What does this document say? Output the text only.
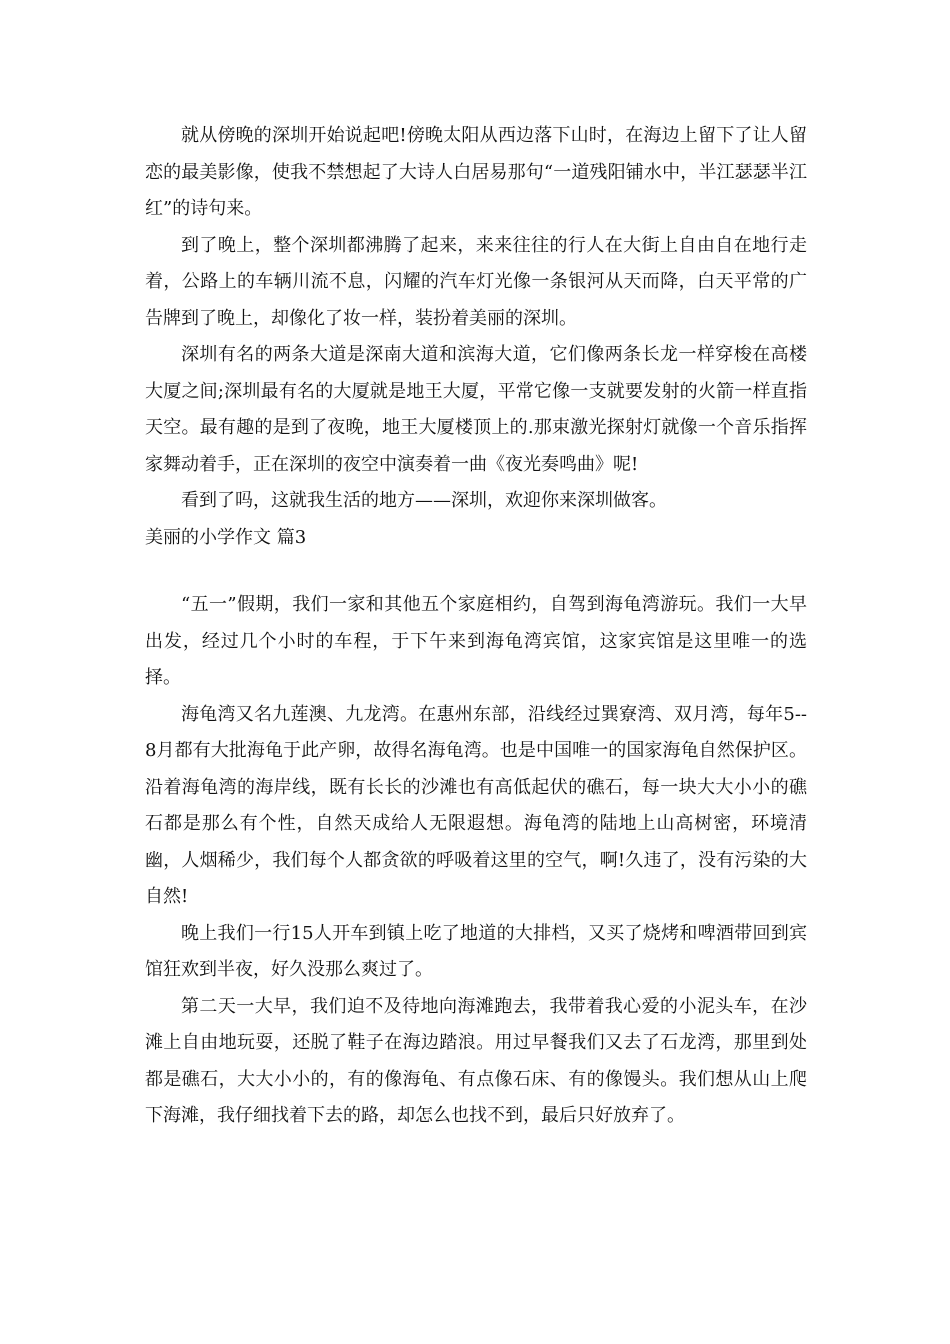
就从傍晚的深圳开始说起吧!傍晚太阳从西边落下山时，在海边上留下了让人留恋的最美影像，使我不禁想起了大诗人白居易那句“一道残阳铺水中，半江瑟瑟半江红”的诗句来。

到了晚上，整个深圳都沸腾了起来，来来往往的行人在大街上自由自在地行走着，公路上的车辆川流不息，闪耀的汽车灯光像一条银河从天而降，白天平常的广告牌到了晚上，却像化了妆一样，装扮着美丽的深圳。

深圳有名的两条大道是深南大道和滨海大道，它们像两条长龙一样穿梭在高楼大厦之间;深圳最有名的大厦就是地王大厦，平常它像一支就要发射的火箭一样直指天空。最有趣的是到了夜晚，地王大厦楼顶上的.那束激光探射灯就像一个音乐指挥家舞动着手，正在深圳的夜空中演奏着一曲《夜光奏鸣曲》呢!

看到了吗，这就我生活的地方——深圳，欢迎你来深圳做客。

美丽的小学作文 篇3

“五一”假期，我们一家和其他五个家庭相约，自驾到海龟湾游玩。我们一大早出发，经过几个小时的车程，于下午来到海龟湾宾馆，这家宾馆是这里唯一的选择。

海龟湾又名九莲澳、九龙湾。在惠州东部，沿线经过巽寮湾、双月湾，每年5--8月都有大批海龟于此产卵，故得名海龟湾。也是中国唯一的国家海龟自然保护区。沿着海龟湾的海岸线，既有长长的沙滩也有高低起伏的礁石，每一块大大小小的礁石都是那么有个性，自然天成给人无限遐想。海龟湾的陆地上山高树密，环境清幽，人烟稀少，我们每个人都贪欲的呼吸着这里的空气，啊!久违了，没有污染的大自然!

晚上我们一行15人开车到镇上吃了地道的大排档，又买了烧烤和啤酒带回到宾馆狂欢到半夜，好久没那么爽过了。

第二天一大早，我们迫不及待地向海滩跑去，我带着我心爱的小泥头车，在沙滩上自由地玩耍，还脱了鞋子在海边踏浪。用过早餐我们又去了石龙湾，那里到处都是礁石，大大小小的，有的像海龟、有点像石床、有的像馒头。我们想从山上爬下海滩，我仔细找着下去的路，却怎么也找不到，最后只好放弃了。
